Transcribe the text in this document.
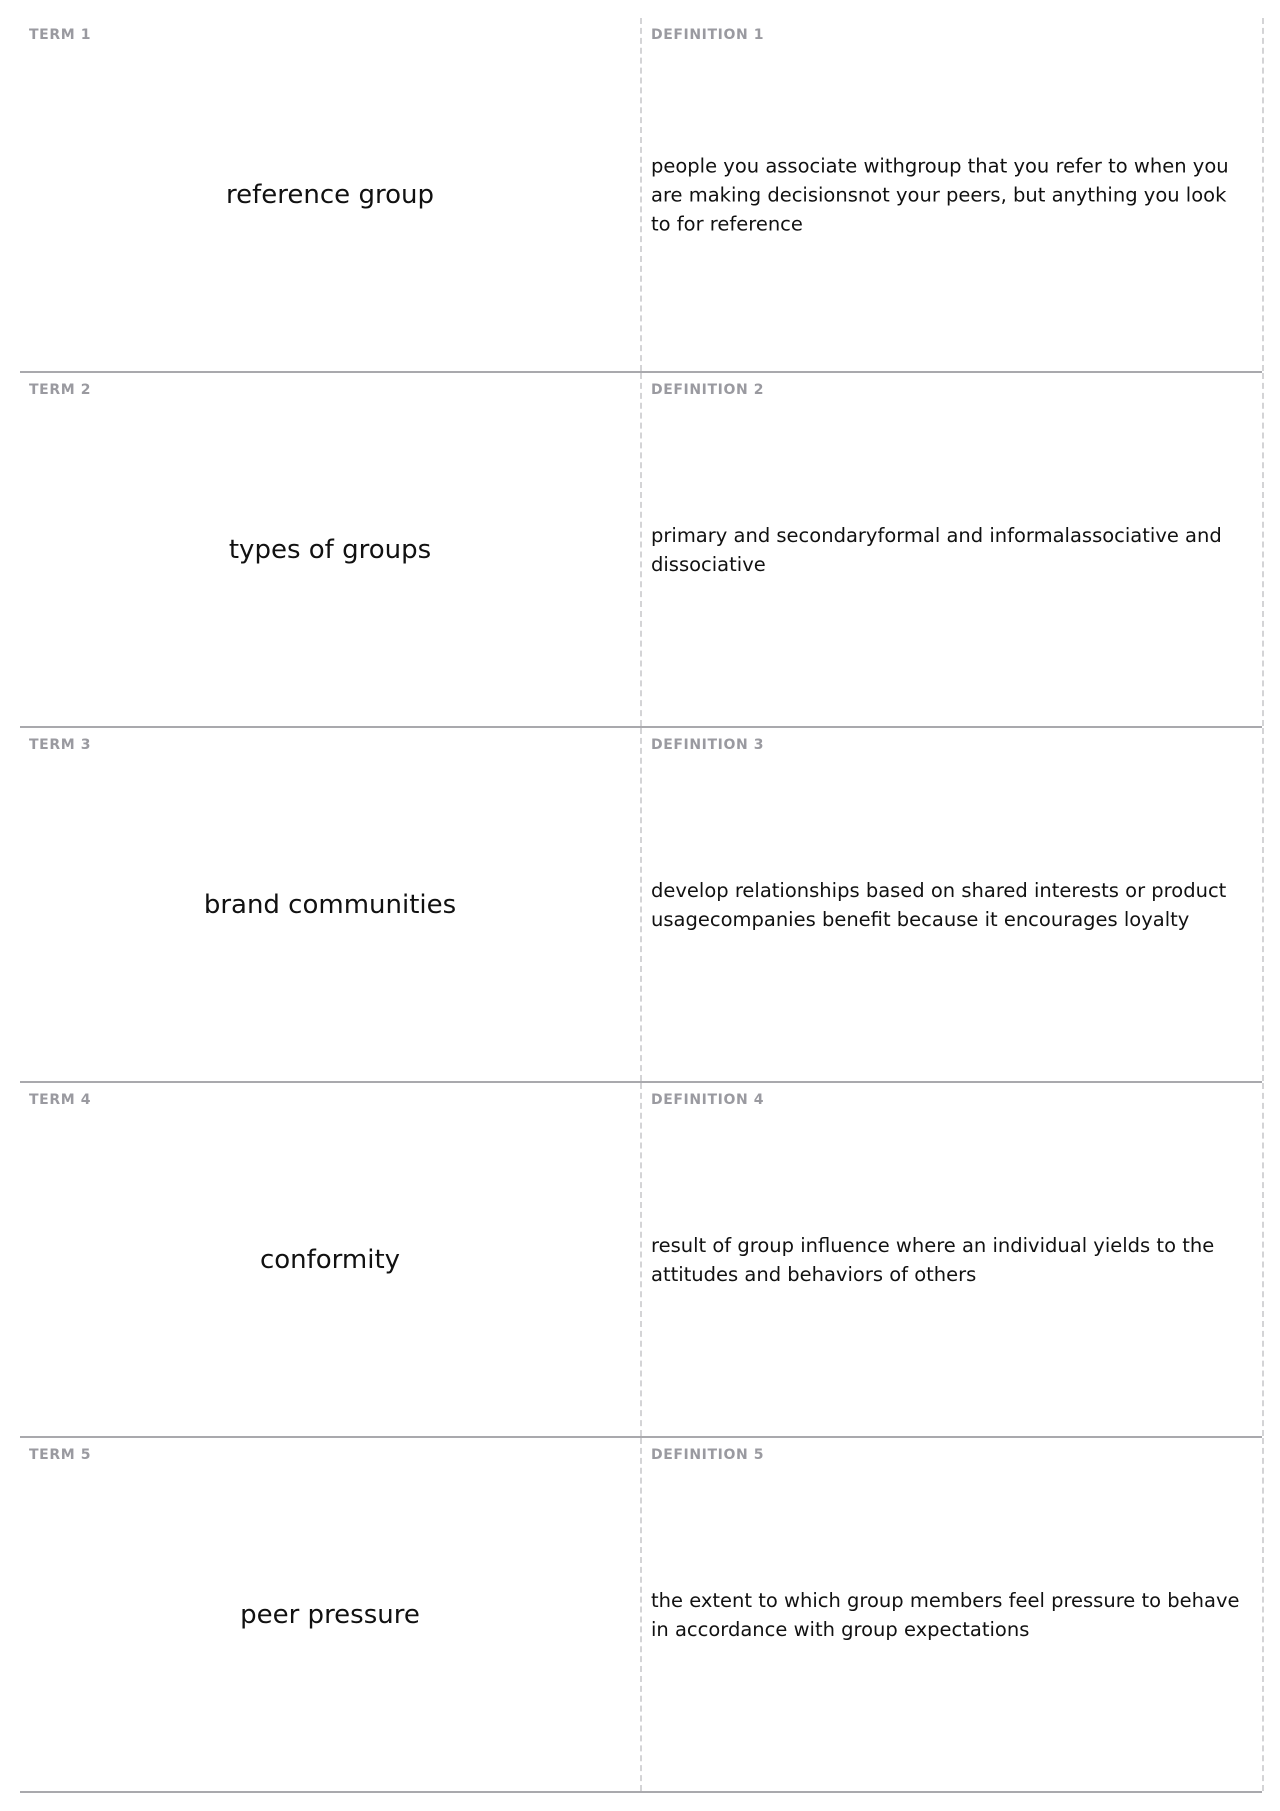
TERM 1
reference group
DEFINITION 1
people you associate withgroup that you refer to when you are making decisionsnot your peers, but anything you look to for reference
TERM 2
types of groups
DEFINITION 2
primary and secondaryformal and informalassociative and dissociative
TERM 3
brand communities
DEFINITION 3
develop relationships based on shared interests or product usagecompanies benefit because it encourages loyalty
TERM 4
conformity
DEFINITION 4
result of group influence where an individual yields to the attitudes and behaviors of others
TERM 5
peer pressure
DEFINITION 5
the extent to which group members feel pressure to behave in accordance with group expectations
